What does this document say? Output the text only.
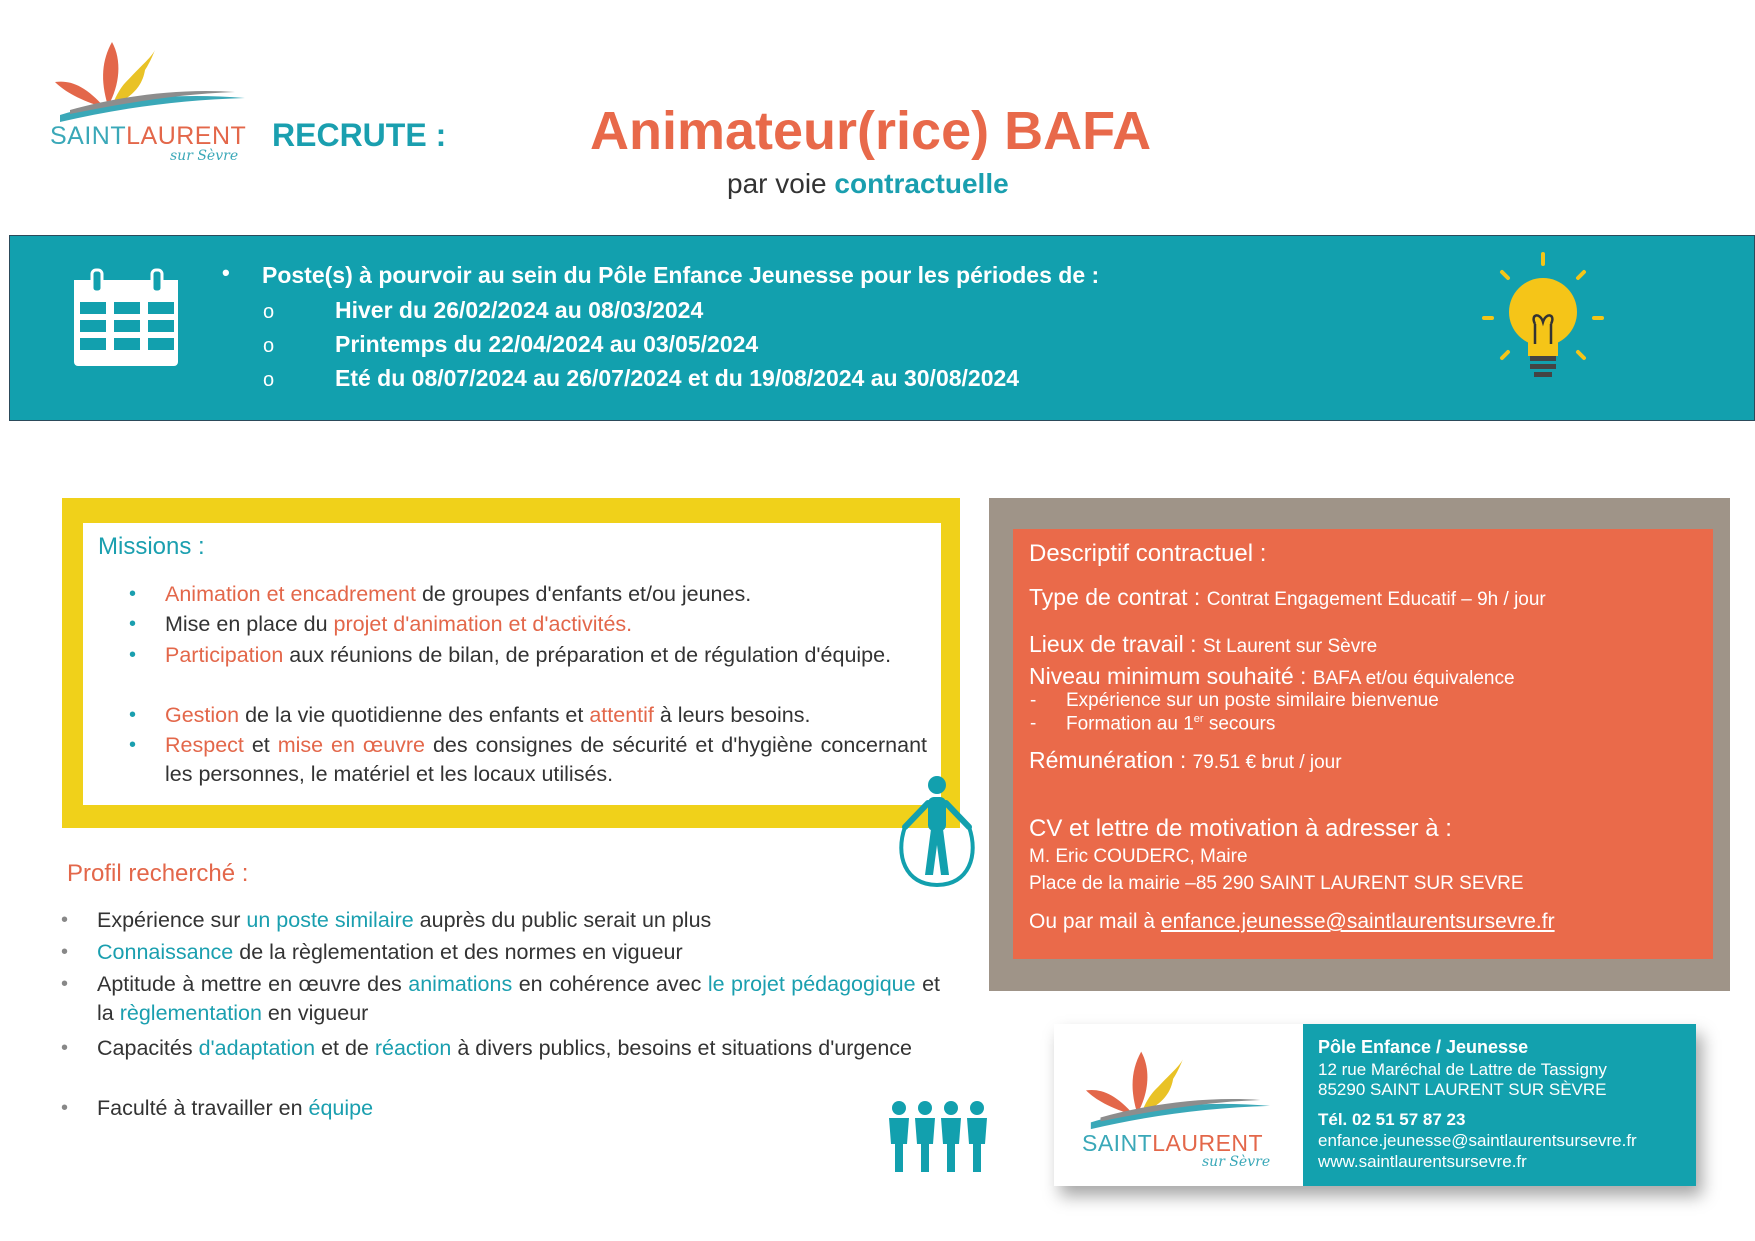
SAINTLAURENT
sur Sèvre
RECRUTE :	Animateur(rice) BAFA
par voie contractuelle
• Poste(s) à pourvoir au sein du Pôle Enfance Jeunesse pour les périodes de :
o	Hiver du 26/02/2024 au 08/03/2024
o	Printemps du 22/04/2024 au 03/05/2024
o	Eté du 08/07/2024 au 26/07/2024 et du 19/08/2024 au 30/08/2024
Missions :
• Animation et encadrement de groupes d'enfants et/ou jeunes.
• Mise en place du projet d'animation et d'activités.
• Participation aux réunions de bilan, de préparation et de régulation d'équipe.
• Gestion de la vie quotidienne des enfants et attentif à leurs besoins.
• Respect et mise en œuvre des consignes de sécurité et d'hygiène concernant les personnes, le matériel et les locaux utilisés.
Profil recherché :
• Expérience sur un poste similaire auprès du public serait un plus
• Connaissance de la règlementation et des normes en vigueur
• Aptitude à mettre en œuvre des animations en cohérence avec le projet pédagogique et la règlementation en vigueur
• Capacités d'adaptation et de réaction à divers publics, besoins et situations d'urgence
• Faculté à travailler en équipe
Descriptif contractuel :
Type de contrat : Contrat Engagement Educatif – 9h / jour
Lieux de travail : St Laurent sur Sèvre
Niveau minimum souhaité : BAFA et/ou équivalence
- Expérience sur un poste similaire bienvenue
- Formation au 1er secours
Rémunération : 79.51 € brut / jour
CV et lettre de motivation à adresser à :
M. Eric COUDERC, Maire
Place de la mairie –85 290 SAINT LAURENT SUR SEVRE
Ou par mail à enfance.jeunesse@saintlaurentsursevre.fr
SAINTLAURENT
sur Sèvre
Pôle Enfance / Jeunesse
12 rue Maréchal de Lattre de Tassigny
85290 SAINT LAURENT SUR SÈVRE
Tél. 02 51 57 87 23
enfance.jeunesse@saintlaurentsursevre.fr
www.saintlaurentsursevre.fr
